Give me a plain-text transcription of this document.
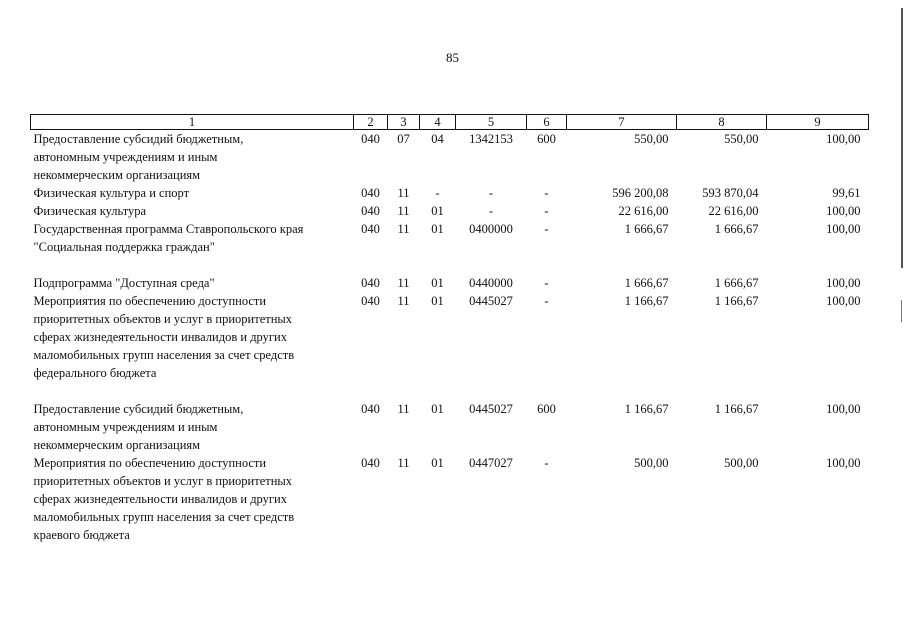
85
1	2	3	4	5	6	7	8	9

Предоставление субсидий бюджетным,
автономным учреждениям и иным
некоммерческим организациям	040	07	04	1342153	600	550,00	550,00	100,00

Физическая культура и спорт	040	11	-	-	-	596 200,08	593 870,04	99,61

Физическая культура	040	11	01	-	-	22 616,00	22 616,00	100,00

Государственная программа Ставропольского края
"Социальная поддержка граждан"	040	11	01	0400000	-	1 666,67	1 666,67	100,00

Подпрограмма "Доступная среда"	040	11	01	0440000	-	1 666,67	1 666,67	100,00

Мероприятия по обеспечению доступности
приоритетных объектов и услуг в приоритетных
сферах жизнедеятельности инвалидов и других
маломобильных групп населения за счет средств
федерального бюджета	040	11	01	0445027	-	1 166,67	1 166,67	100,00

Предоставление субсидий бюджетным,
автономным учреждениям и иным
некоммерческим организациям	040	11	01	0445027	600	1 166,67	1 166,67	100,00

Мероприятия по обеспечению доступности
приоритетных объектов и услуг в приоритетных
сферах жизнедеятельности инвалидов и других
маломобильных групп населения за счет средств
краевого бюджета	040	11	01	0447027	-	500,00	500,00	100,00
